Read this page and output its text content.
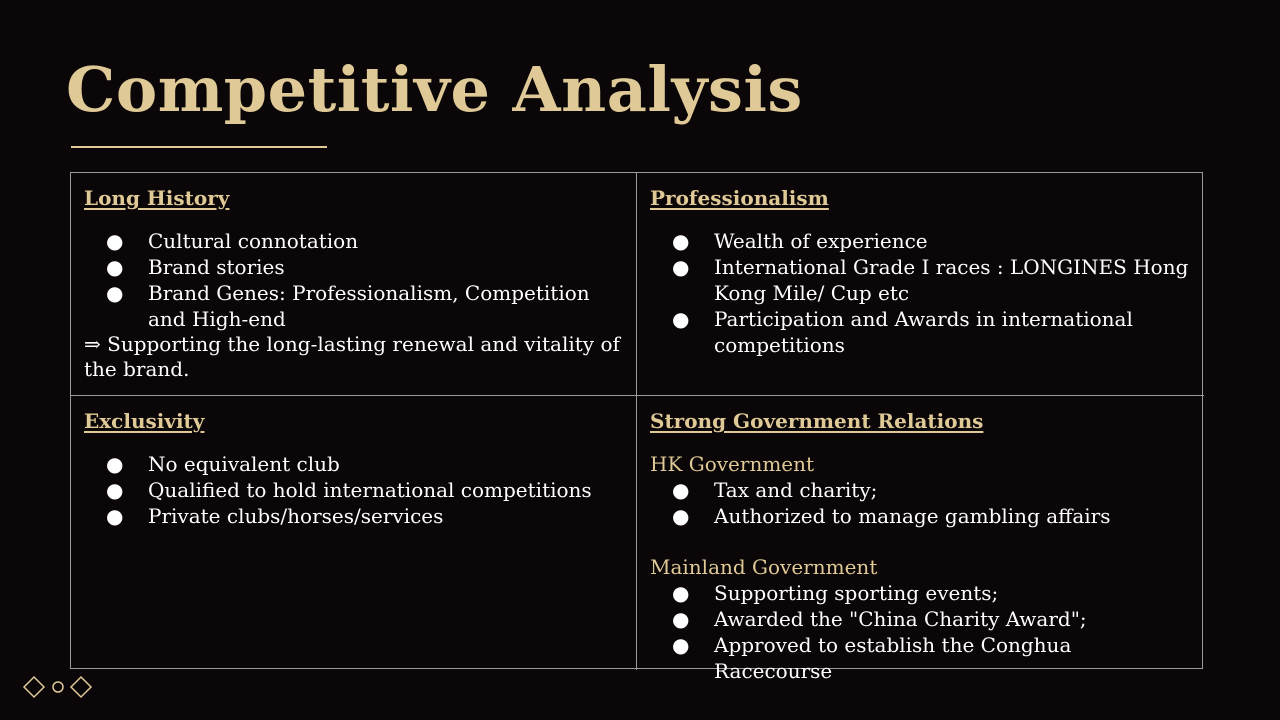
Competitive Analysis
Long History
● Cultural connotation
● Brand stories
● Brand Genes: Professionalism, Competition and High-end
⇒ Supporting the long-lasting renewal and vitality of the brand.
Professionalism
● Wealth of experience
● International Grade I races : LONGINES Hong Kong Mile/ Cup etc
● Participation and Awards in international competitions
Exclusivity
● No equivalent club
● Qualified to hold international competitions
● Private clubs/horses/services
Strong Government Relations
HK Government
● Tax and charity;
● Authorized to manage gambling affairs
Mainland Government
● Supporting sporting events;
● Awarded the "China Charity Award";
● Approved to establish the Conghua Racecourse
